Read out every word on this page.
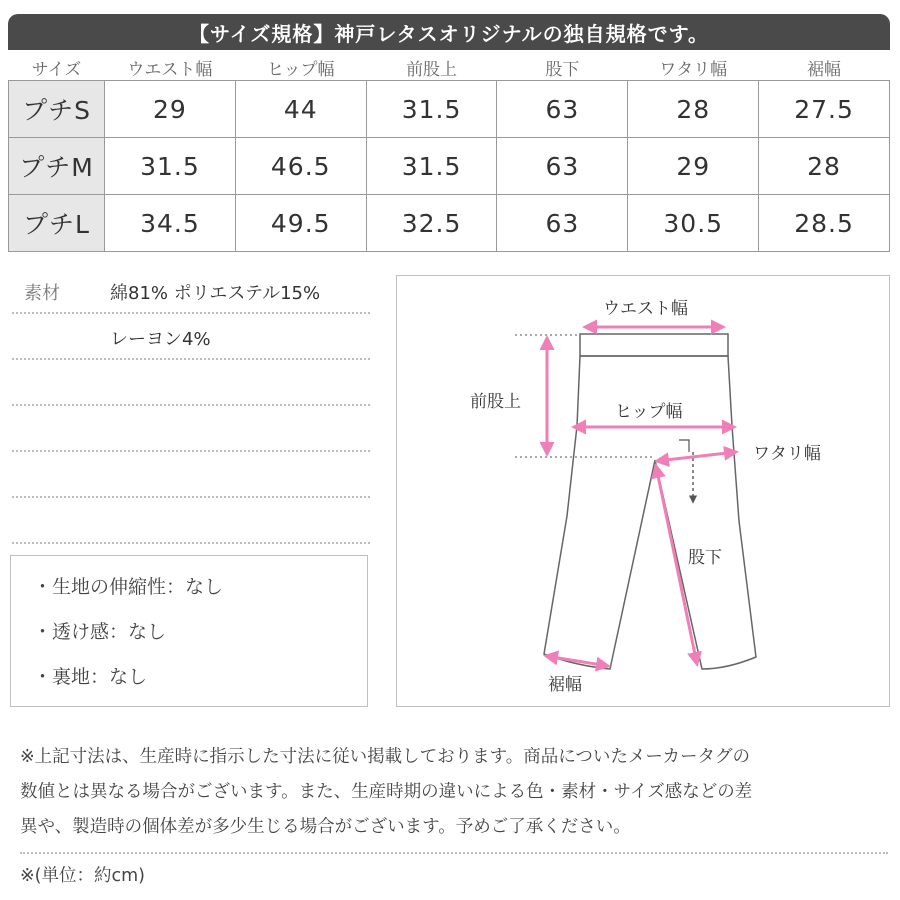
【サイズ規格】神戸レタスオリジナルの独自規格です。
サイズ	ウエスト幅	ヒップ幅	前股上	股下	ワタリ幅	裾幅
プチS	29	44	31.5	63	28	27.5
プチM	31.5	46.5	31.5	63	29	28
プチL	34.5	49.5	32.5	63	30.5	28.5
素材	綿81% ポリエステル15%
レーヨン4%
・生地の伸縮性：なし
・透け感：なし
・裏地：なし
ウエスト幅
前股上	ヒップ幅
ワタリ幅
股下
裾幅
※上記寸法は、生産時に指示した寸法に従い掲載しております。商品についたメーカータグの
数値とは異なる場合がございます。また、生産時期の違いによる色・素材・サイズ感などの差
異や、製造時の個体差が多少生じる場合がございます。予めご了承ください。
※(単位：約cm)
